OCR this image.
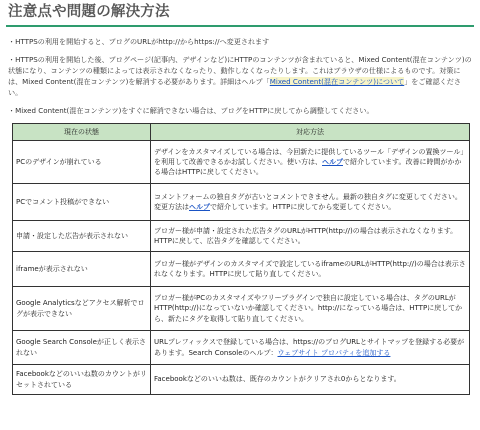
注意点や問題の解決方法
・HTTPSの利用を開始すると、ブログのURLがhttp://からhttps://へ変更されます
・HTTPSの利用を開始した後、ブログページ(記事内、デザインなど)にHTTPのコンテンツが含まれていると、Mixed Content(混在コンテンツ)の状態になり、コンテンツの種類によっては表示されなくなったり、動作しなくなったりします。これはブラウザの仕様によるものです。対策には、Mixed Content(混在コンテンツ)を解消する必要があります。詳細はヘルプ「Mixed Content(混在コンテンツ)について」をご確認ください。
・Mixed Content(混在コンテンツ)をすぐに解消できない場合は、ブログをHTTPに戻してから調整してください。
現在の状態	対応方法
PCのデザインが崩れている	デザインをカスタマイズしている場合は、今回新たに提供しているツール「デザインの置換ツール」を利用して改善できるかお試しください。使い方は、ヘルプで紹介しています。改善に時間がかかる場合はHTTPに戻してください。
PCでコメント投稿ができない	コメントフォームの独自タグが古いとコメントできません。最新の独自タグに変更してください。変更方法はヘルプで紹介しています。HTTPに戻してから変更してください。
申請・設定した広告が表示されない	ブロガー様が申請・設定された広告タグのURLがHTTP(http://)の場合は表示されなくなります。HTTPに戻して、広告タグを確認してください。
iframeが表示されない	ブロガー様がデザインのカスタマイズで設定しているiframeのURLがHTTP(http://)の場合は表示されなくなります。HTTPに戻して貼り直してください。
Google Analyticsなどアクセス解析でログが表示できない	ブロガー様がPCのカスタマイズやフリープラグインで独自に設定している場合は、タグのURLがHTTP(http://)になっていないか確認してください。http://になっている場合は、HTTPに戻してから、新たにタグを取得して貼り直してください。
Google Search Consoleが正しく表示されない	URLプレフィックスで登録している場合は、https://のブログURLとサイトマップを登録する必要があります。Search Consoleのヘルプ：ウェブサイト プロパティを追加する
Facebookなどのいいね数のカウントがリセットされている	Facebookなどのいいね数は、既存のカウントがクリアされ0からとなります。
